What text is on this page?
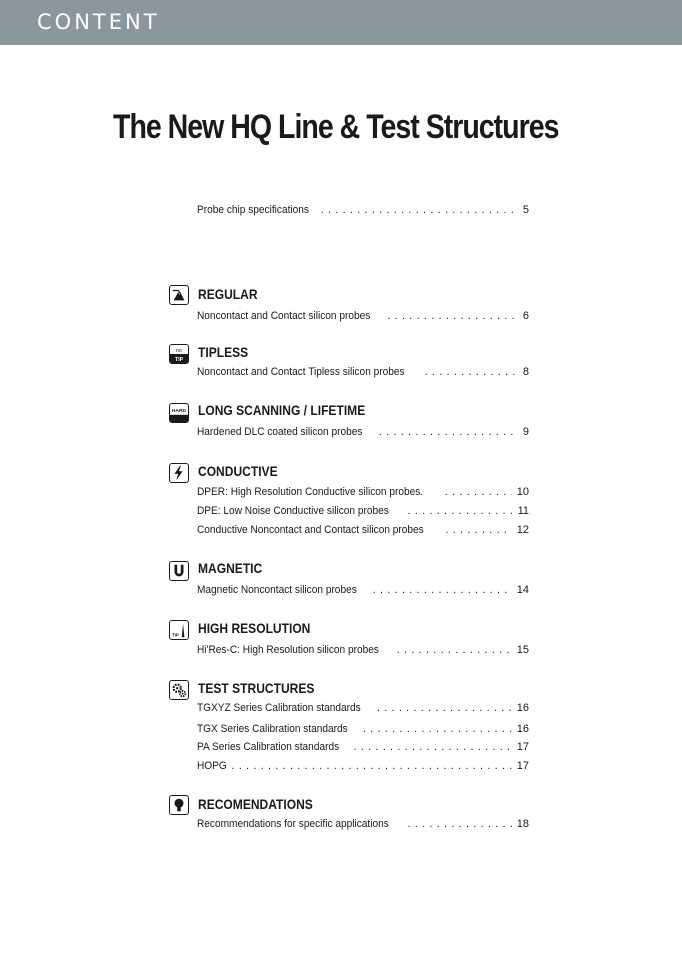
CONTENT
The New HQ Line & Test Structures
Probe chip specifications . . .	5
REGULAR
Noncontact and Contact silicon probes . . .	6
no
TIP TIPLESS
Noncontact and Contact Tipless silicon probes . . .	8
HARD LONG SCANNING / LIFETIME
Hardened DLC coated silicon probes . . .	9
CONDUCTIVE
DPER: High Resolution Conductive silicon probes. . . .	10
DPE: Low Noise Conductive silicon probes . . .	11
Conductive Noncontact and Contact silicon probes . . .	12
MAGNETIC
Magnetic Noncontact silicon probes . . .	14
TIP HIGH RESOLUTION
Hi'Res-C: High Resolution silicon probes . . .	15
TEST STRUCTURES
TGXYZ Series Calibration standards . . .	16
TGX Series Calibration standards . . .	16
PA Series Calibration standards . . .	17
HOPG . . .	17
RECOMENDATIONS
Recommendations for specific applications . . .	18
